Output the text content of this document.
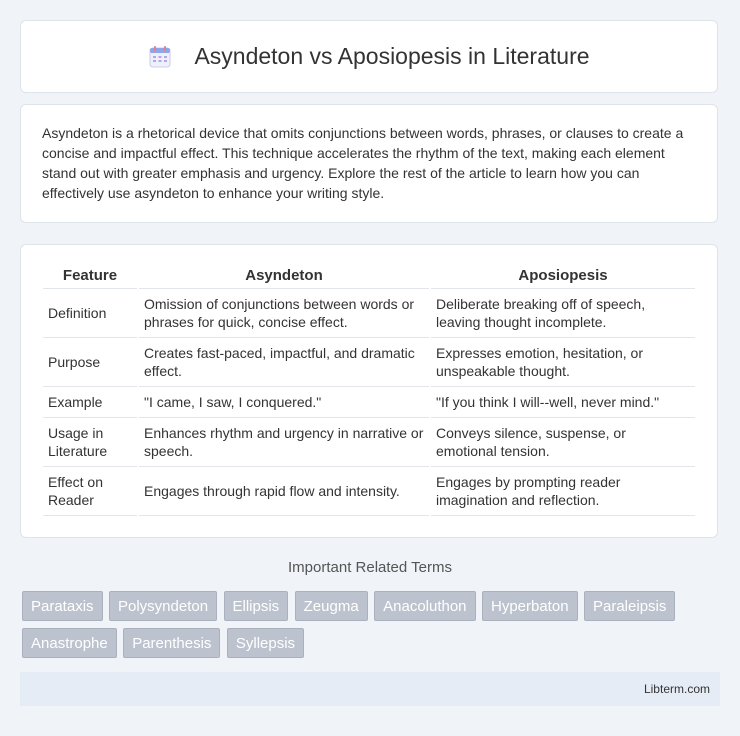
Asyndeton vs Aposiopesis in Literature

Asyndeton is a rhetorical device that omits conjunctions between words, phrases, or clauses to create a concise and impactful effect. This technique accelerates the rhythm of the text, making each element stand out with greater emphasis and urgency. Explore the rest of the article to learn how you can effectively use asyndeton to enhance your writing style.

Feature	Asyndeton	Aposiopesis
Definition	Omission of conjunctions between words or phrases for quick, concise effect.	Deliberate breaking off of speech, leaving thought incomplete.
Purpose	Creates fast-paced, impactful, and dramatic effect.	Expresses emotion, hesitation, or unspeakable thought.
Example	"I came, I saw, I conquered."	"If you think I will--well, never mind."
Usage in Literature	Enhances rhythm and urgency in narrative or speech.	Conveys silence, suspense, or emotional tension.
Effect on Reader	Engages through rapid flow and intensity.	Engages by prompting reader imagination and reflection.
Important Related Terms
Parataxis Polysyndeton Ellipsis Zeugma Anacoluthon Hyperbaton Paraleipsis Anastrophe Parenthesis Syllepsis
Libterm.com
